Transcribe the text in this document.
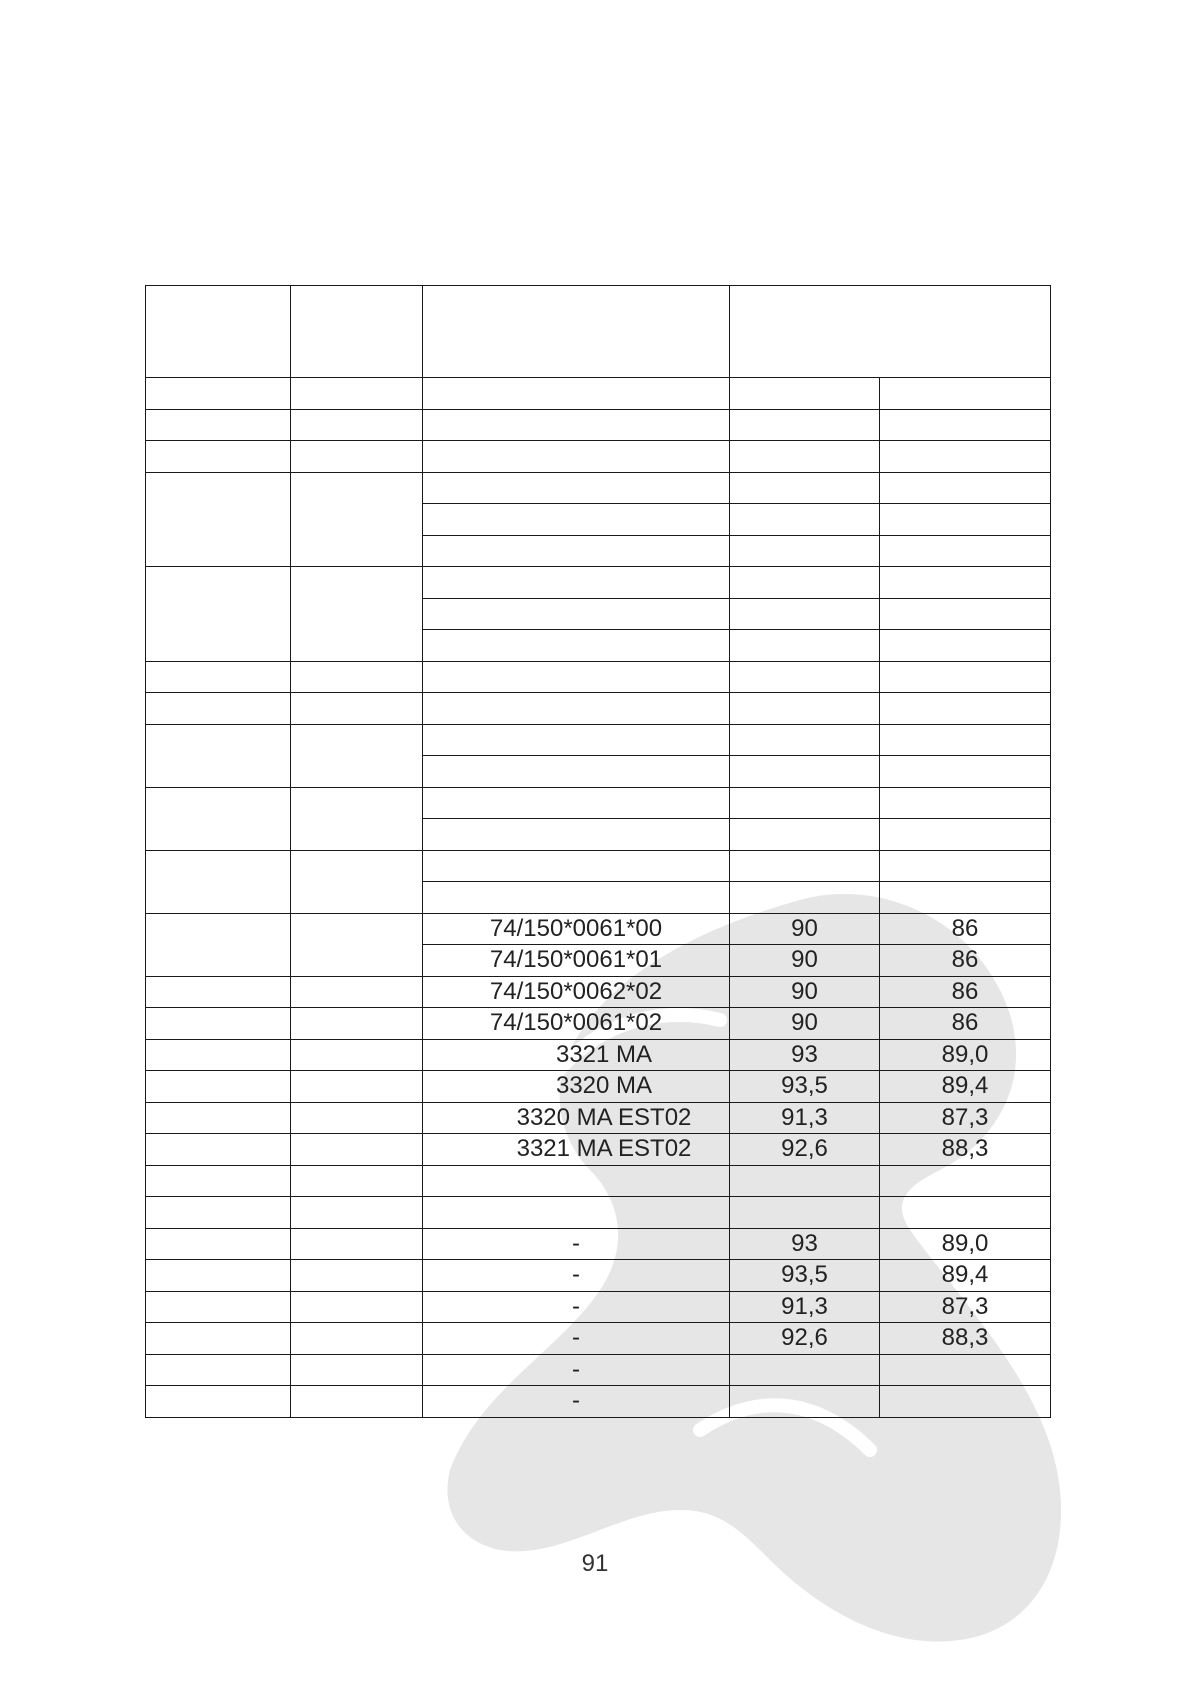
		74/150*0061*00	90	86
		74/150*0061*01	90	86
		74/150*0062*02	90	86
		74/150*0061*02	90	86
		3321 MA	93	89,0
		3320 MA	93,5	89,4
		3320 MA EST02	91,3	87,3
		3321 MA EST02	92,6	88,3

		-	93	89,0
		-	93,5	89,4
		-	91,3	87,3
		-	92,6	88,3
		-		
		-		
91
